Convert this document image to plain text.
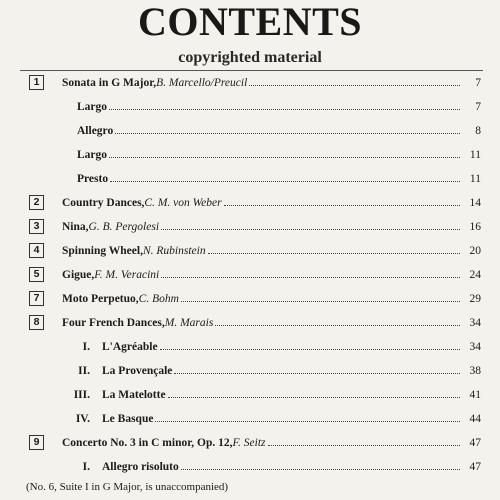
CONTENTS
copyrighted material
1	Sonata in G Major, B. Marcello/Preucil	7
Largo	7
Allegro	8
Largo	11
Presto	11
2	Country Dances, C. M. von Weber	14
3	Nina, G. B. Pergolesi	16
4	Spinning Wheel, N. Rubinstein	20
5	Gigue, F. M. Veracini	24
7	Moto Perpetuo, C. Bohm	29
8	Four French Dances, M. Marais	34
I. L'Agréable	34
II. La Provençale	38
III. La Matelotte	41
IV. Le Basque	44
9	Concerto No. 3 in C minor, Op. 12, F. Seitz	47
I. Allegro risoluto	47
(No. 6, Suite I in G Major, is unaccompanied)
